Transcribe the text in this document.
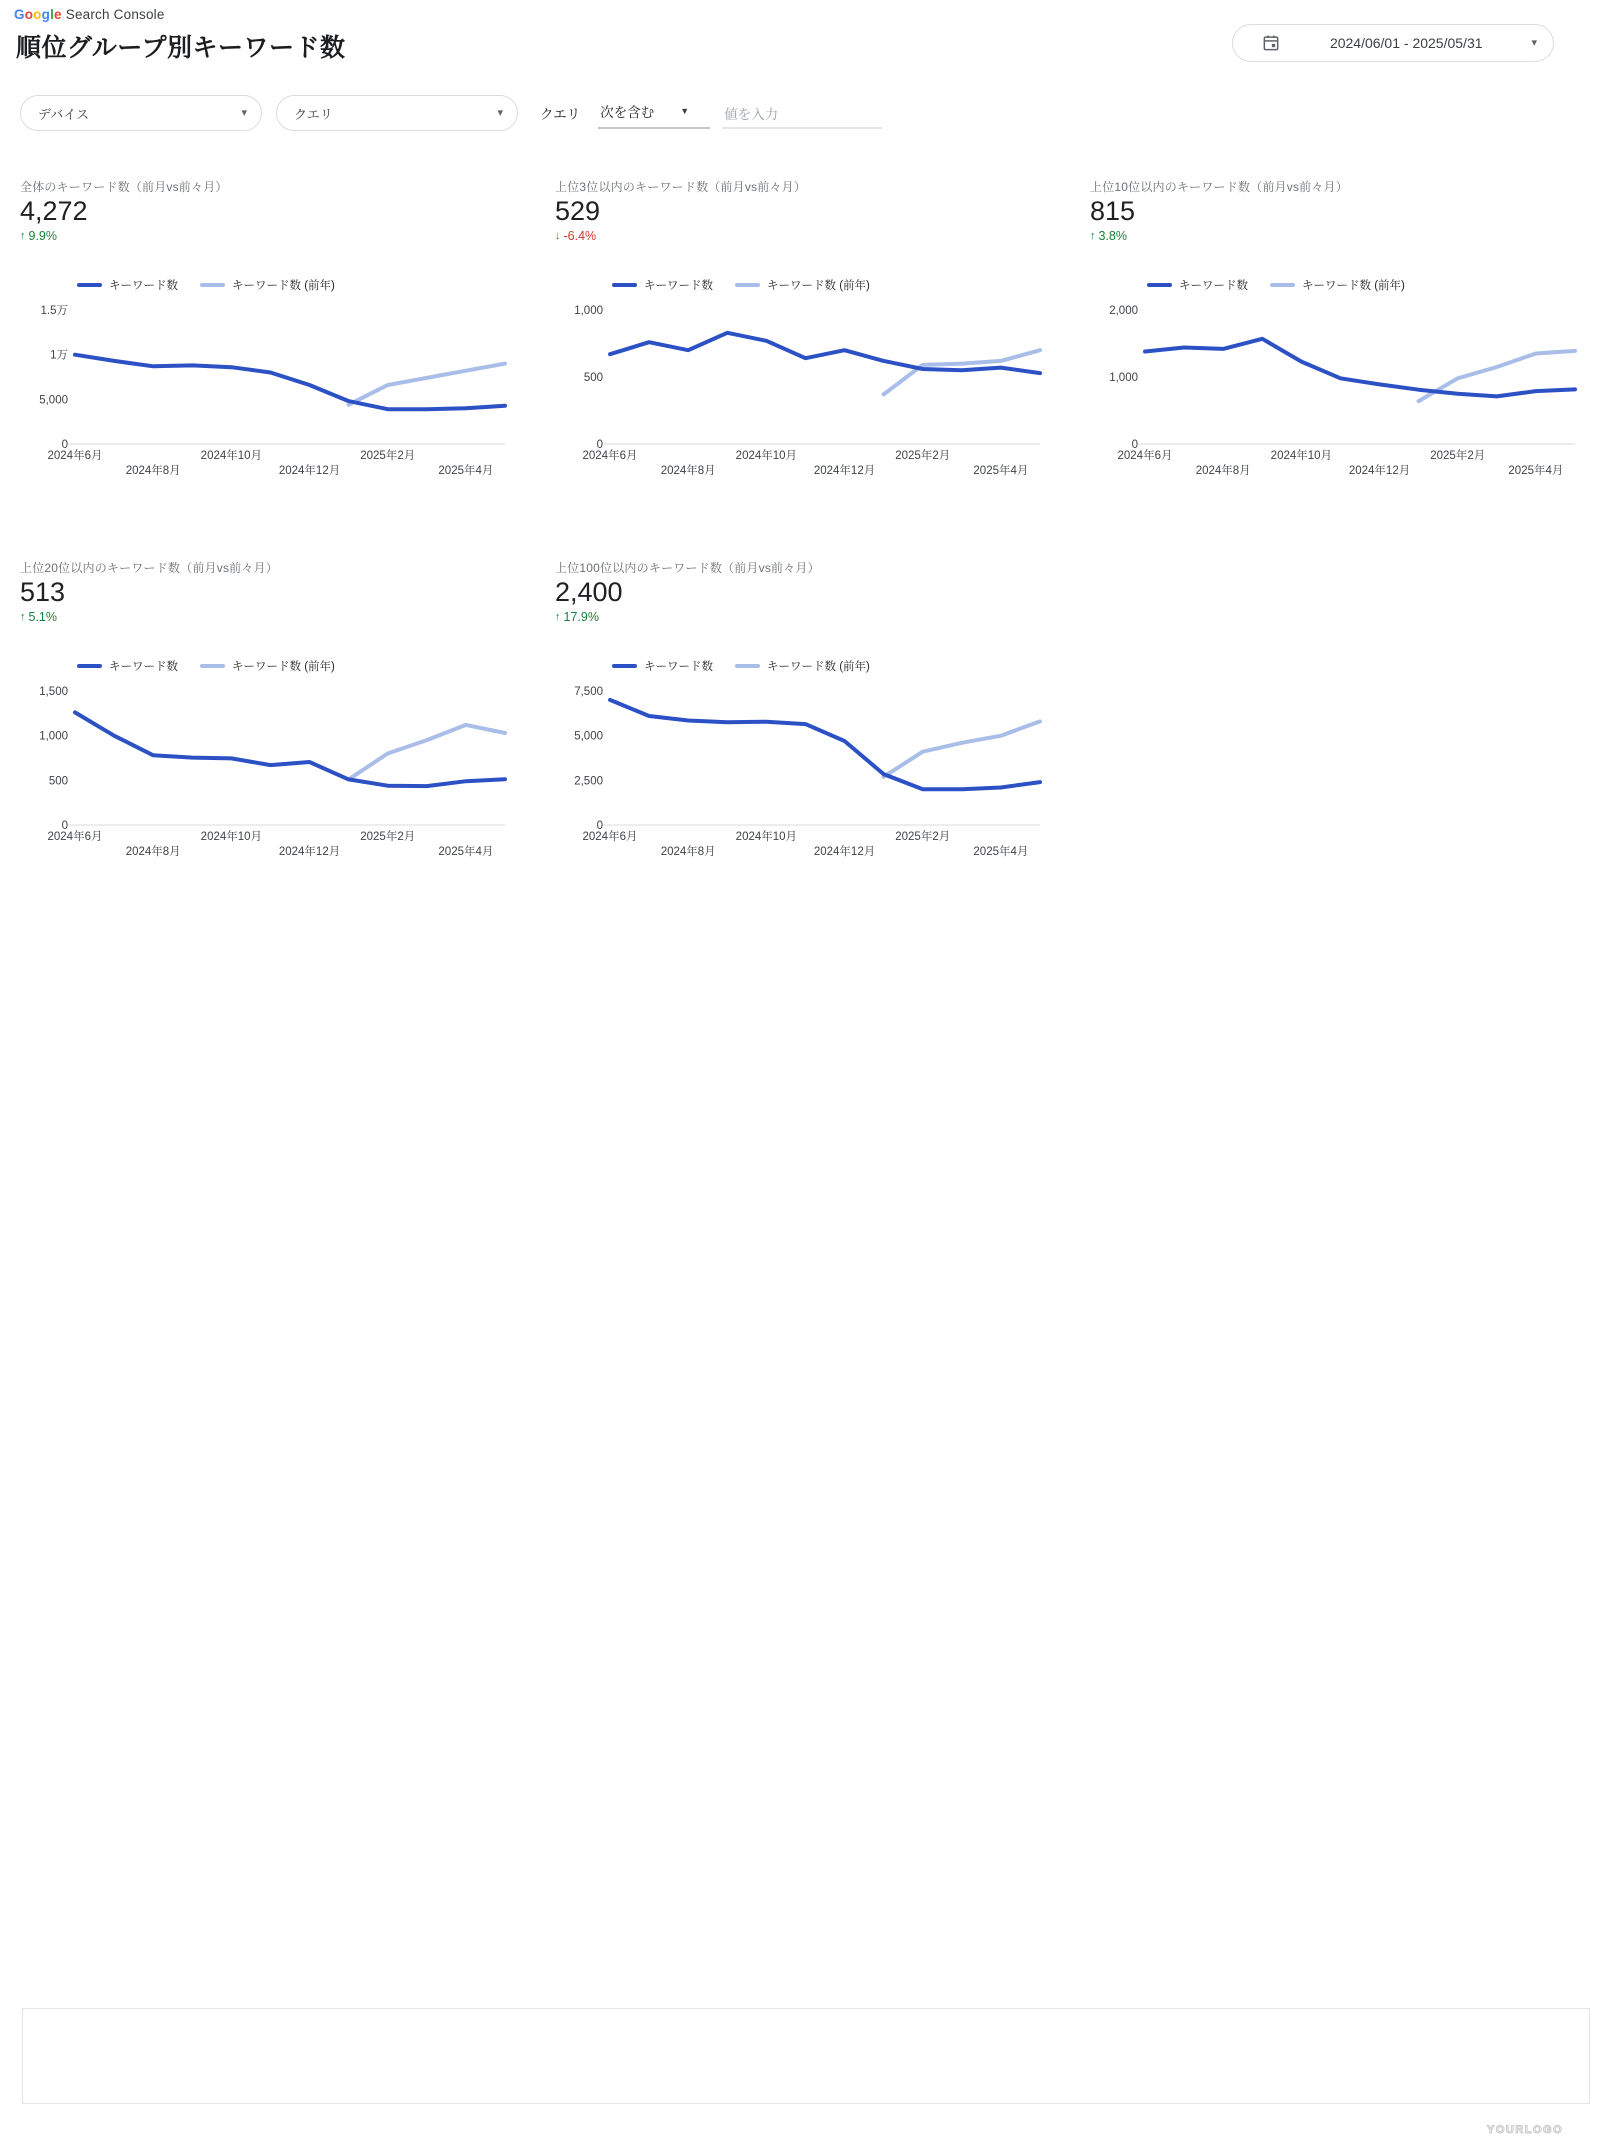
Google Search Console
順位グループ別キーワード数	2024/06/01 - 2025/05/31	▾
デバイス	▾	クエリ	▾	クエリ 次を含む	▼
値を入力
全体のキーワード数（前月vs前々月）
4,272
↑ 9.9%
キーワード数	キーワード数 (前年)
1.5万
1万
5,000
0
2024年6月	2024年10月	2025年2月
2024年8月	2024年12月	2025年4月
上位3位以内のキーワード数（前月vs前々月）
529
↓ -6.4%
キーワード数	キーワード数 (前年)
1,000
500
0
2024年6月	2024年10月	2025年2月
2024年8月	2024年12月	2025年4月
上位10位以内のキーワード数（前月vs前々月）
815
↑ 3.8%
キーワード数	キーワード数 (前年)
2,000
1,000
0
2024年6月	2024年10月	2025年2月
2024年8月	2024年12月	2025年4月
上位20位以内のキーワード数（前月vs前々月）
513
↑ 5.1%
キーワード数	キーワード数 (前年)
1,500
1,000
500
0
2024年6月	2024年10月	2025年2月
2024年8月	2024年12月	2025年4月
上位100位以内のキーワード数（前月vs前々月）
2,400
↑ 17.9%
キーワード数	キーワード数 (前年)
7,500
5,000
2,500
0
2024年6月	2024年10月	2025年2月
2024年8月	2024年12月	2025年4月
YOURLOGO
